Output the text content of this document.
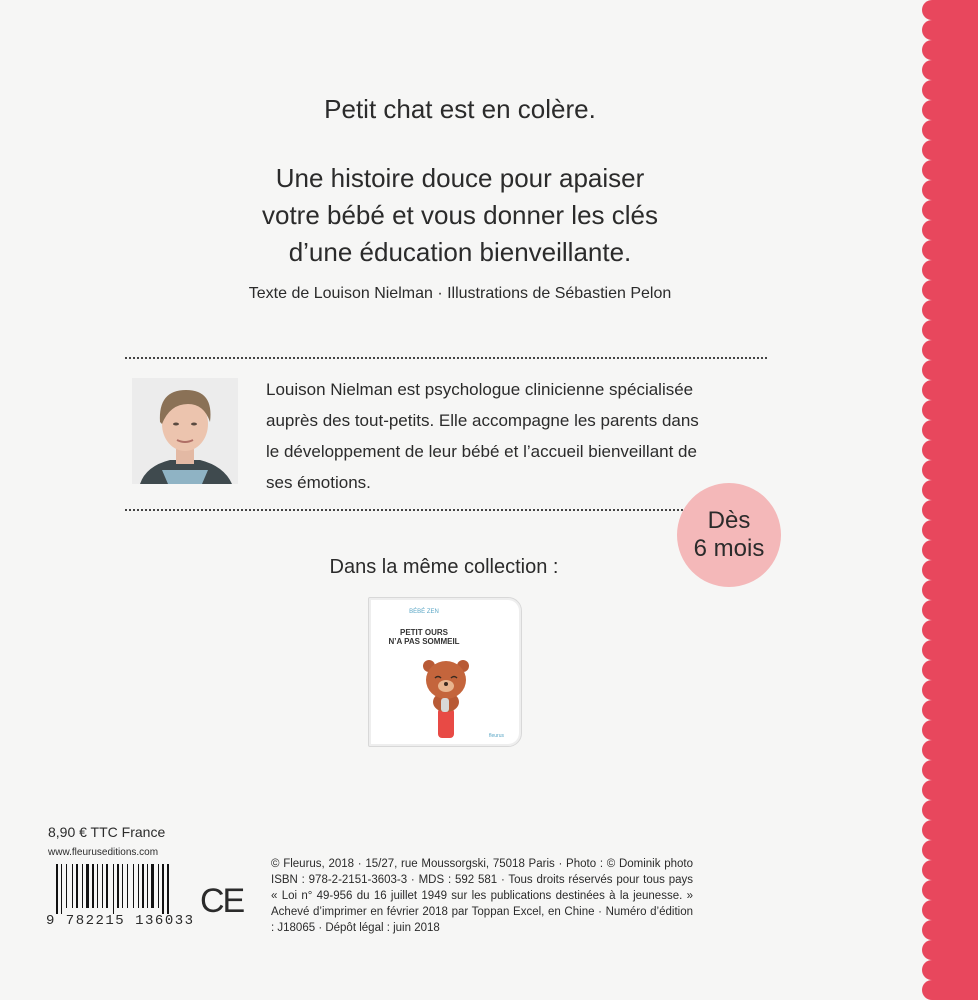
Petit chat est en colère.
Une histoire douce pour apaiser
votre bébé et vous donner les clés
d’une éducation bienveillante.
Texte de Louison Nielman · Illustrations de Sébastien Pelon
Louison Nielman est psychologue clinicienne spécialisée
auprès des tout-petits. Elle accompagne les parents dans
le développement de leur bébé et l’accueil bienveillant de
ses émotions.
Dès
6 mois
Dans la même collection :
BÉBÉ ZEN
PETIT OURS
N’A PAS SOMMEIL
fleurus
8,90 € TTC France
www.fleuruseditions.com
9 782215 136033
CE
© Fleurus, 2018 · 15/27, rue Moussorgski, 75018 Paris · Photo : © Dominik photo ISBN : 978-2-2151-3603-3 · MDS : 592 581 · Tous droits réservés pour tous pays « Loi n° 49-956 du 16 juillet 1949 sur les publications destinées à la jeunesse. » Achevé d’imprimer en février 2018 par Toppan Excel, en Chine · Numéro d’édition : J18065 · Dépôt légal : juin 2018
